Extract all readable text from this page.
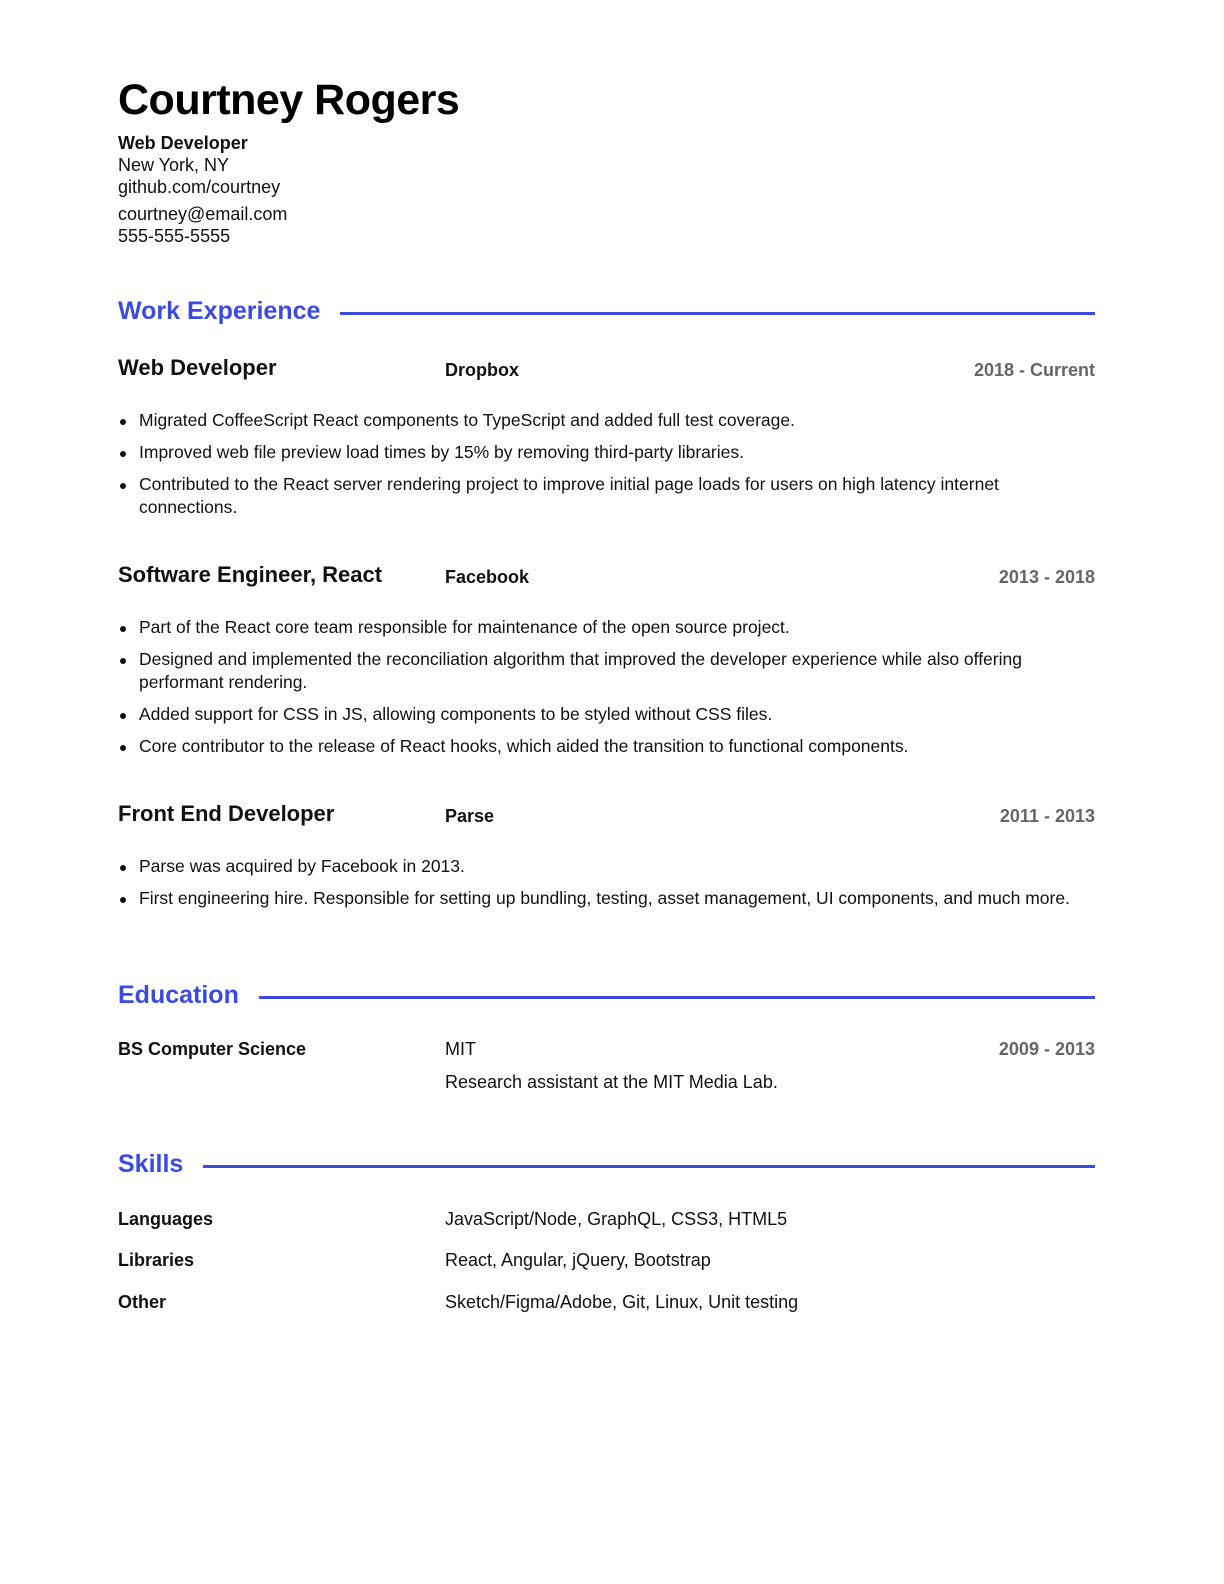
Courtney Rogers
Web Developer
New York, NY
github.com/courtney
courtney@email.com
555-555-5555
Work Experience
Web Developer	Dropbox	2018 - Current
Migrated CoffeeScript React components to TypeScript and added full test coverage.
Improved web file preview load times by 15% by removing third-party libraries.
Contributed to the React server rendering project to improve initial page loads for users on high latency internet connections.
Software Engineer, React	Facebook	2013 - 2018
Part of the React core team responsible for maintenance of the open source project.
Designed and implemented the reconciliation algorithm that improved the developer experience while also offering performant rendering.
Added support for CSS in JS, allowing components to be styled without CSS files.
Core contributor to the release of React hooks, which aided the transition to functional components.
Front End Developer	Parse	2011 - 2013
Parse was acquired by Facebook in 2013.
First engineering hire. Responsible for setting up bundling, testing, asset management, UI components, and much more.
Education
BS Computer Science	MIT	2009 - 2013
Research assistant at the MIT Media Lab.
Skills
Languages	JavaScript/Node, GraphQL, CSS3, HTML5
Libraries	React, Angular, jQuery, Bootstrap
Other	Sketch/Figma/Adobe, Git, Linux, Unit testing
